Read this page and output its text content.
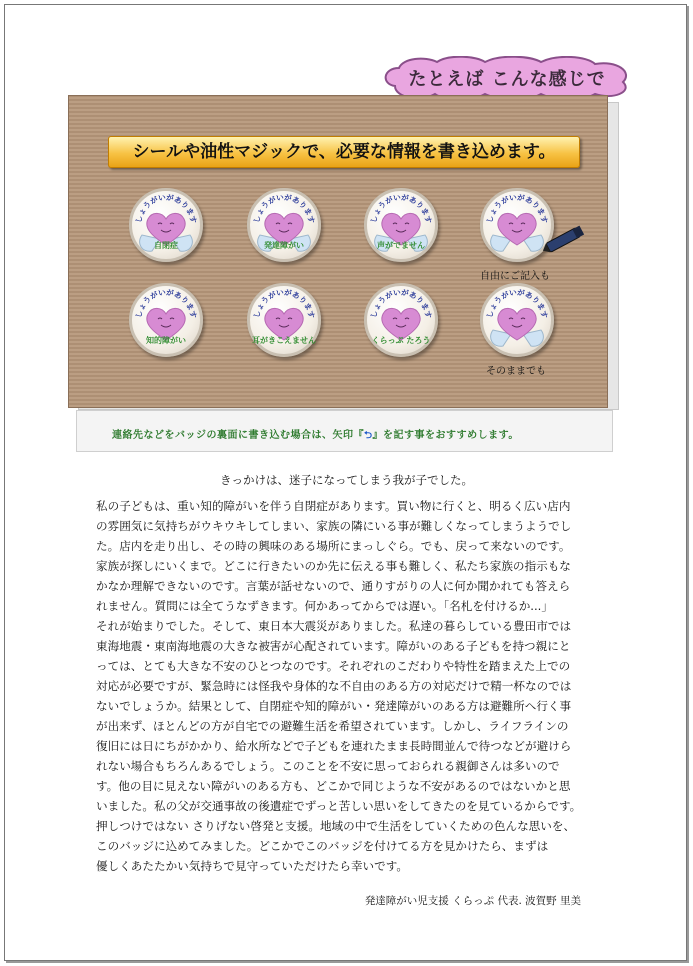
たとえば こんな感じで
シールや油性マジックで、必要な情報を書き込めます。
しょうがいがあります
自閉症
しょうがいがあります
発達障がい
しょうがいがあります
声がでません
しょうがいがあります
自由にご記入も
しょうがいがあります
知的障がい
しょうがいがあります
耳がきこえません
しょうがいがあります
くらっぷ たろう
しょうがいがあります
そのままでも
連絡先などをバッジの裏面に書き込む場合は、矢印『⮌』を記す事をおすすめします。
きっかけは、迷子になってしまう我が子でした。

私の子どもは、重い知的障がいを伴う自閉症があります。買い物に行くと、明るく広い店内

の雰囲気に気持ちがウキウキしてしまい、家族の隣にいる事が難しくなってしまうようでし

た。店内を走り出し、その時の興味のある場所にまっしぐら。でも、戻って来ないのです。

家族が探しにいくまで。どこに行きたいのか先に伝える事も難しく、私たち家族の指示もな

かなか理解できないのです。言葉が話せないので、通りすがりの人に何か聞かれても答えら

れません。質問には全てうなずきます。何かあってからでは遅い。「名札を付けるか...」

それが始まりでした。そして、東日本大震災がありました。私達の暮らしている豊田市では

東海地震・東南海地震の大きな被害が心配されています。障がいのある子どもを持つ親にと

っては、とても大きな不安のひとつなのです。それぞれのこだわりや特性を踏まえた上での

対応が必要ですが、緊急時には怪我や身体的な不自由のある方の対応だけで精一杯なのでは

ないでしょうか。結果として、自閉症や知的障がい・発達障がいのある方は避難所へ行く事

が出来ず、ほとんどの方が自宅での避難生活を希望されています。しかし、ライフラインの

復旧には日にちがかかり、給水所などで子どもを連れたまま長時間並んで待つなどが避けら

れない場合もちろんあるでしょう。このことを不安に思っておられる親御さんは多いので

す。他の目に見えない障がいのある方も、どこかで同じような不安があるのではないかと思

いました。私の父が交通事故の後遺症でずっと苦しい思いをしてきたのを見ているからです。

押しつけではない さりげない啓発と支援。地域の中で生活をしていくための色んな思いを、

このバッジに込めてみました。どこかでこのバッジを付けてる方を見かけたら、まずは

優しくあたたかい気持ちで見守っていただけたら幸いです。

発達障がい児支援 くらっぷ 代表. 波賀野 里美
